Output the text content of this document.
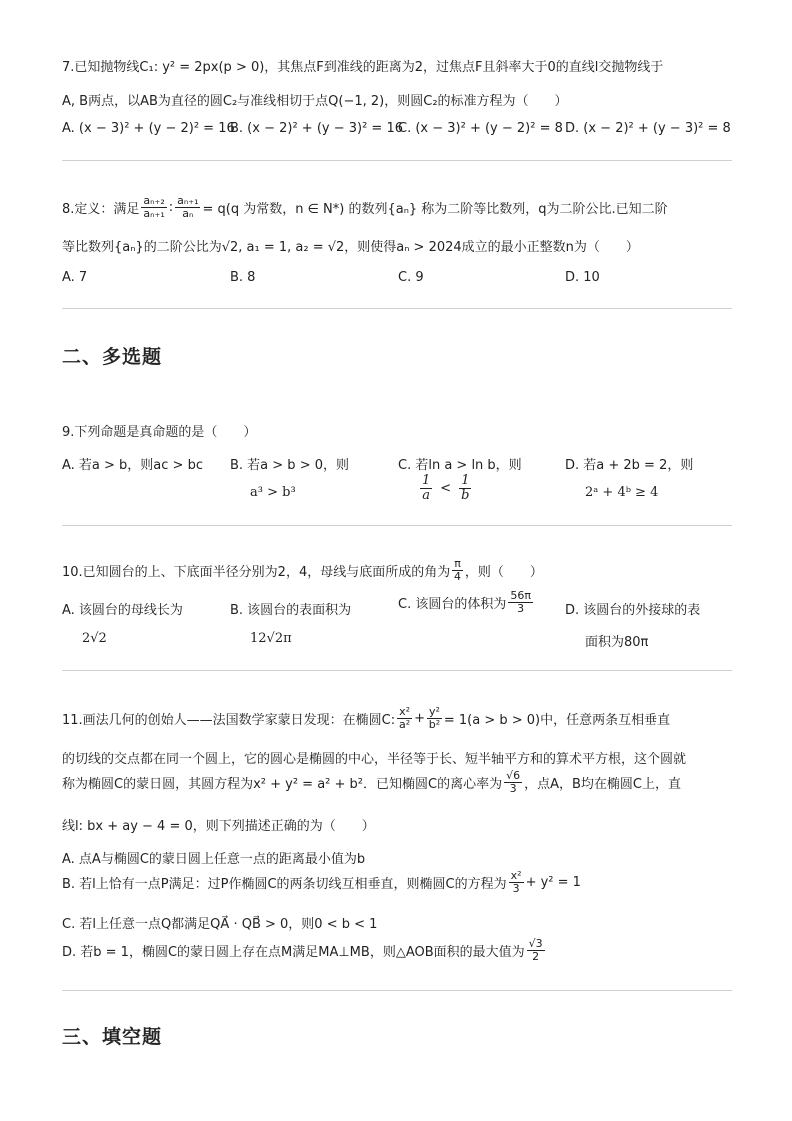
7.已知抛物线C₁: y² = 2px(p > 0)，其焦点F到准线的距离为2，过焦点F且斜率大于0的直线l交抛物线于
A, B两点，以AB为直径的圆C₂与准线相切于点Q(−1, 2)，则圆C₂的标准方程为（　　）
A. (x − 3)² + (y − 2)² = 16
B. (x − 2)² + (y − 3)² = 16
C. (x − 3)² + (y − 2)² = 8 D. (x − 2)² + (y − 3)² = 8
8.定义：满足 $\frac{\text{aₙ₊₂}}{\text{aₙ₊₁}}$ : $\frac{\text{aₙ₊₁}}{\text{aₙ}} = q(q$ 为常数，n ∈ N*) 的数列{aₙ} 称为二阶等比数列，q为二阶公比.已知二阶
等比数列{aₙ}的二阶公比为√2, a₁ = 1, a₂ = √2，则使得aₙ > 2024成立的最小正整数n为（　　）
A. 7	B. 8	C. 9	D. 10
二、多选题
9.下列命题是真命题的是（　　）
A. 若a > b，则ac > bc B. 若a > b > 0，则
a³ > b³
C. 若ln a > ln b，则
$\frac{1}{a} < \frac{1}{b}$
D. 若a + 2b = 2，则
2ᵃ + 4ᵇ ≥ 4
10.已知圆台的上、下底面半径分别为2，4，母线与底面所成的角为 $\frac{\pi}{4}$ ，则（　　）
A. 该圆台的母线长为
2√2
B. 该圆台的表面积为
12√2π
C. 该圆台的体积为 $\frac{56\pi}{3} D$. 该圆台的外接球的表
面积为80π
11.画法几何的创始人——法国数学家蒙日发现：在椭圆C: $\frac{\text{x²}}{\text{a²}} + \frac{\text{y²}}{\text{b²}} = 1(a > b > 0)$中，任意两条互相垂直
的切线的交点都在同一个圆上，它的圆心是椭圆的中心，半径等于长、短半轴平方和的算术平方根，这个圆就
称为椭圆C的蒙日圆，其圆方程为x² + y² = a² + b²．已知椭圆C的离心率为 $\frac{√6}{3}$ ，点A，B均在椭圆C上，直
线l: bx + ay − 4 = 0，则下列描述正确的为（　　）
A. 点A与椭圆C的蒙日圆上任意一点的距离最小值为b
B. 若l上恰有一点P满足：过P作椭圆C的两条切线互相垂直，则椭圆C的方程为 $\frac{\text{x²}}{3} + y^2 = 1$
C. 若l上任意一点Q都满足QA⃗ · QB⃗ > 0，则0 < b < 1
D. 若b = 1，椭圆C的蒙日圆上存在点M满足MA⊥MB，则△AOB面积的最大值为 $\frac{√3}{2}$
三、填空题
